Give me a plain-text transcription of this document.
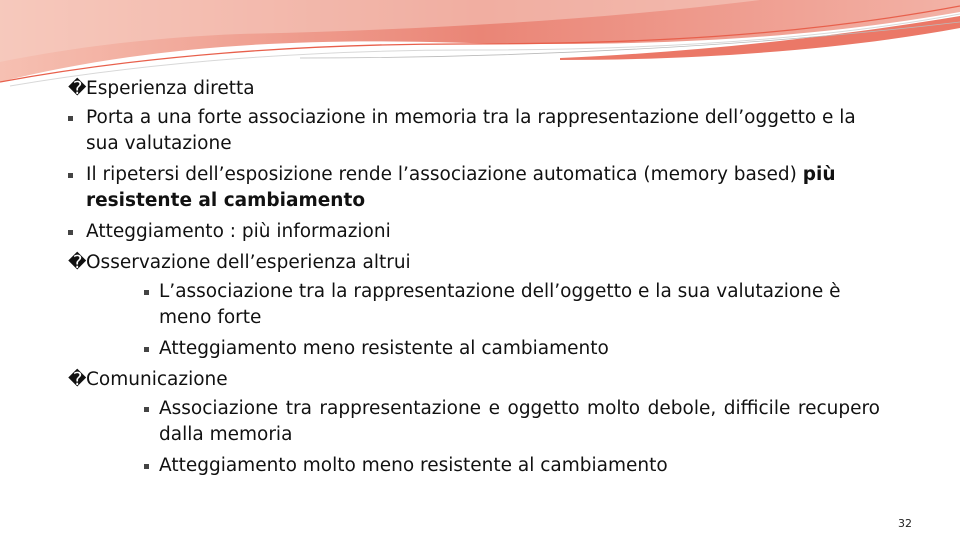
�Esperienza diretta
Porta a una forte associazione in memoria tra la rappresentazione dell’oggetto e la sua valutazione
Il ripetersi dell’esposizione rende l’associazione automatica (memory based) più resistente al cambiamento
Atteggiamento : più informazioni
�Osservazione dell’esperienza altrui
L’associazione tra la rappresentazione dell’oggetto e la sua valutazione è meno forte
Atteggiamento meno resistente al cambiamento
�Comunicazione
Associazione tra rappresentazione e oggetto molto debole, difficile recupero dalla memoria
Atteggiamento molto meno resistente al cambiamento
32
